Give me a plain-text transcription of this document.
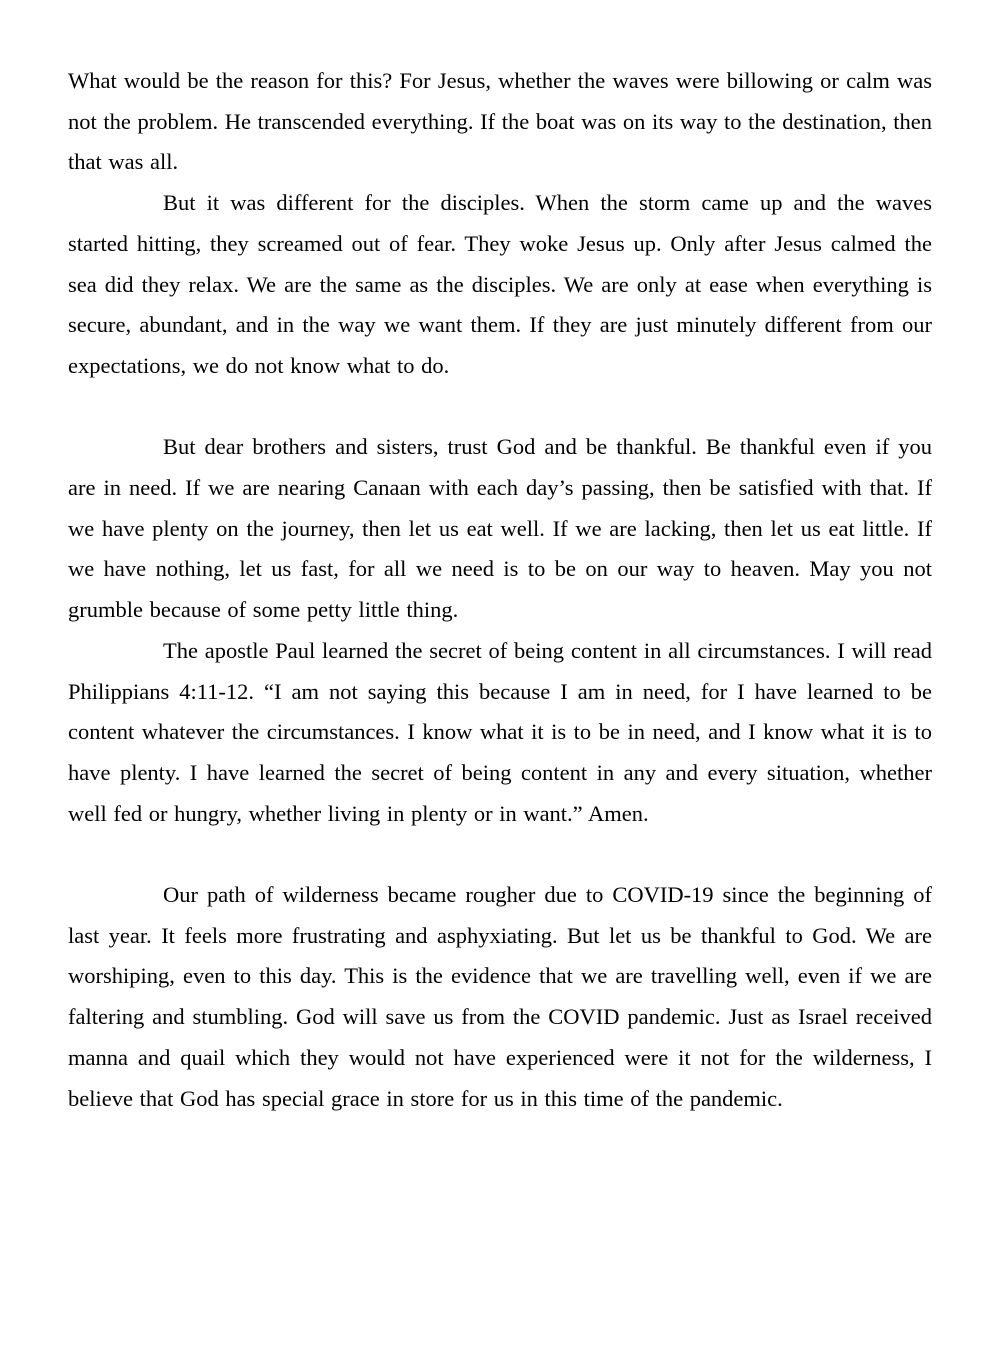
What would be the reason for this? For Jesus, whether the waves were billowing or calm was not the problem. He transcended everything. If the boat was on its way to the destination, then that was all.

But it was different for the disciples. When the storm came up and the waves started hitting, they screamed out of fear. They woke Jesus up. Only after Jesus calmed the sea did they relax. We are the same as the disciples. We are only at ease when everything is secure, abundant, and in the way we want them. If they are just minutely different from our expectations, we do not know what to do.

But dear brothers and sisters, trust God and be thankful. Be thankful even if you are in need. If we are nearing Canaan with each day’s passing, then be satisfied with that. If we have plenty on the journey, then let us eat well. If we are lacking, then let us eat little. If we have nothing, let us fast, for all we need is to be on our way to heaven. May you not grumble because of some petty little thing.

The apostle Paul learned the secret of being content in all circumstances. I will read Philippians 4:11-12. “I am not saying this because I am in need, for I have learned to be content whatever the circumstances. I know what it is to be in need, and I know what it is to have plenty. I have learned the secret of being content in any and every situation, whether well fed or hungry, whether living in plenty or in want.” Amen.

Our path of wilderness became rougher due to COVID-19 since the beginning of last year. It feels more frustrating and asphyxiating. But let us be thankful to God. We are worshiping, even to this day. This is the evidence that we are travelling well, even if we are faltering and stumbling. God will save us from the COVID pandemic. Just as Israel received manna and quail which they would not have experienced were it not for the wilderness, I believe that God has special grace in store for us in this time of the pandemic.
